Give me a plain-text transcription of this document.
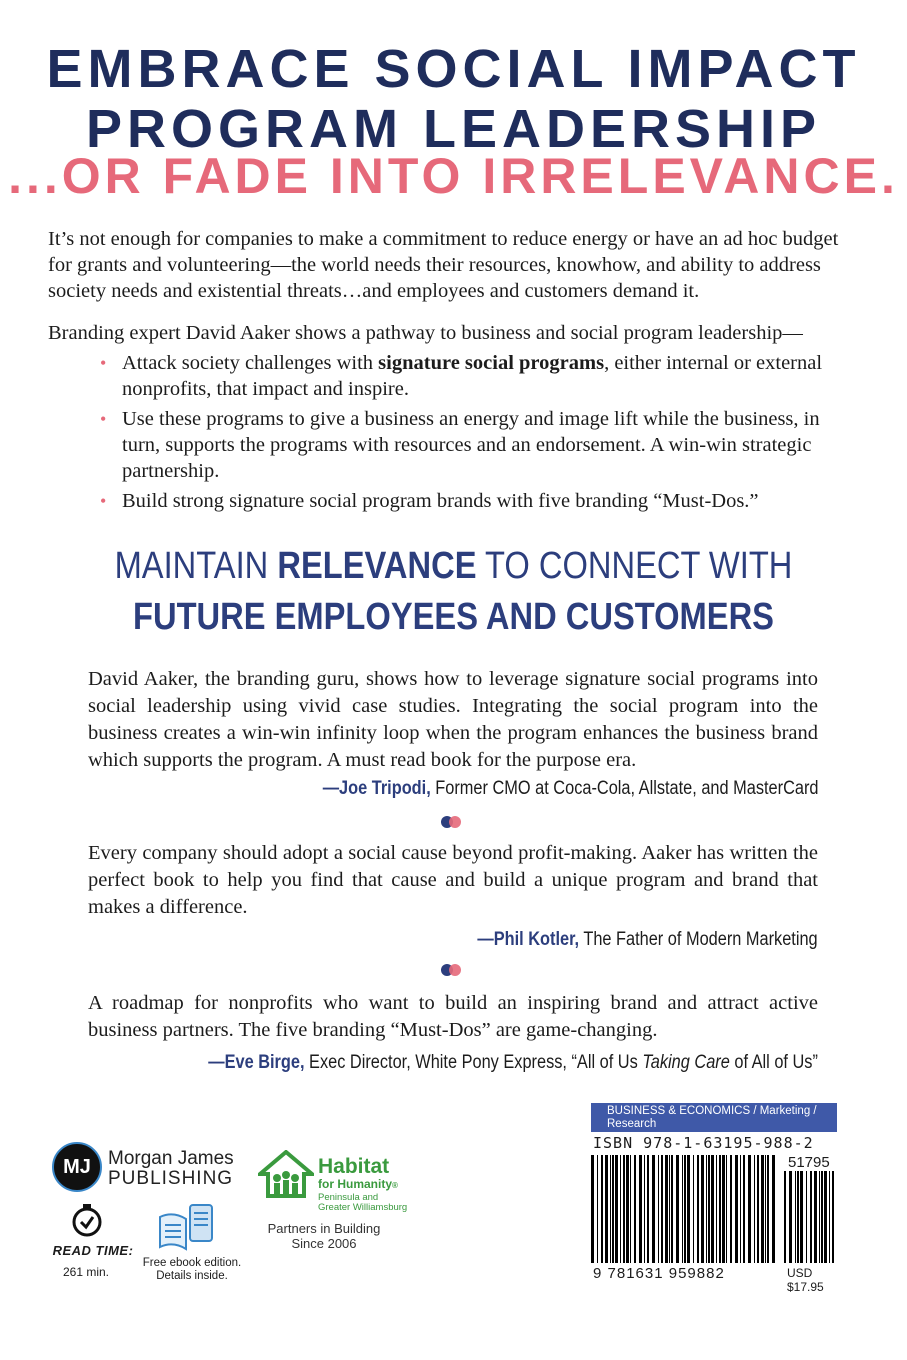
EMBRACE SOCIAL IMPACT
PROGRAM LEADERSHIP
...OR FADE INTO IRRELEVANCE.

It’s not enough for companies to make a commitment to reduce energy or have an ad hoc budget for grants and volunteering—the world needs their resources, knowhow, and ability to address society needs and existential threats…and employees and customers demand it.

Branding expert David Aaker shows a pathway to business and social program leadership—

• Attack society challenges with signature social programs, either internal or external nonprofits, that impact and inspire.
• Use these programs to give a business an energy and image lift while the business, in turn, supports the programs with resources and an endorsement. A win-win strategic partnership.
• Build strong signature social program brands with five branding “Must-Dos.”
MAINTAIN RELEVANCE TO CONNECT WITH
FUTURE EMPLOYEES AND CUSTOMERS

David Aaker, the branding guru, shows how to leverage signature social programs into social leadership using vivid case studies. Integrating the social program into the business creates a win-win infinity loop when the program enhances the business brand which supports the program. A must read book for the purpose era.

—Joe Tripodi, Former CMO at Coca-Cola, Allstate, and MasterCard

Every company should adopt a social cause beyond profit-making. Aaker has written the perfect book to help you find that cause and build a unique program and brand that makes a difference.

—Phil Kotler, The Father of Modern Marketing

A roadmap for nonprofits who want to build an inspiring brand and attract active business partners. The five branding “Must-Dos” are game-changing.

—Eve Birge, Exec Director, White Pony Express, “All of Us Taking Care of All of Us”
MJ Morgan James
PUBLISHING
Habitat
for Humanity®
Peninsula and
Greater Williamsburg
Partners in Building
Since 2006
READ TIME:
261 min.
Free ebook edition.
Details inside.
BUSINESS & ECONOMICS / Marketing / Research
ISBN 978-1-63195-988-2
51795
9 781631 959882	USD $17.95
